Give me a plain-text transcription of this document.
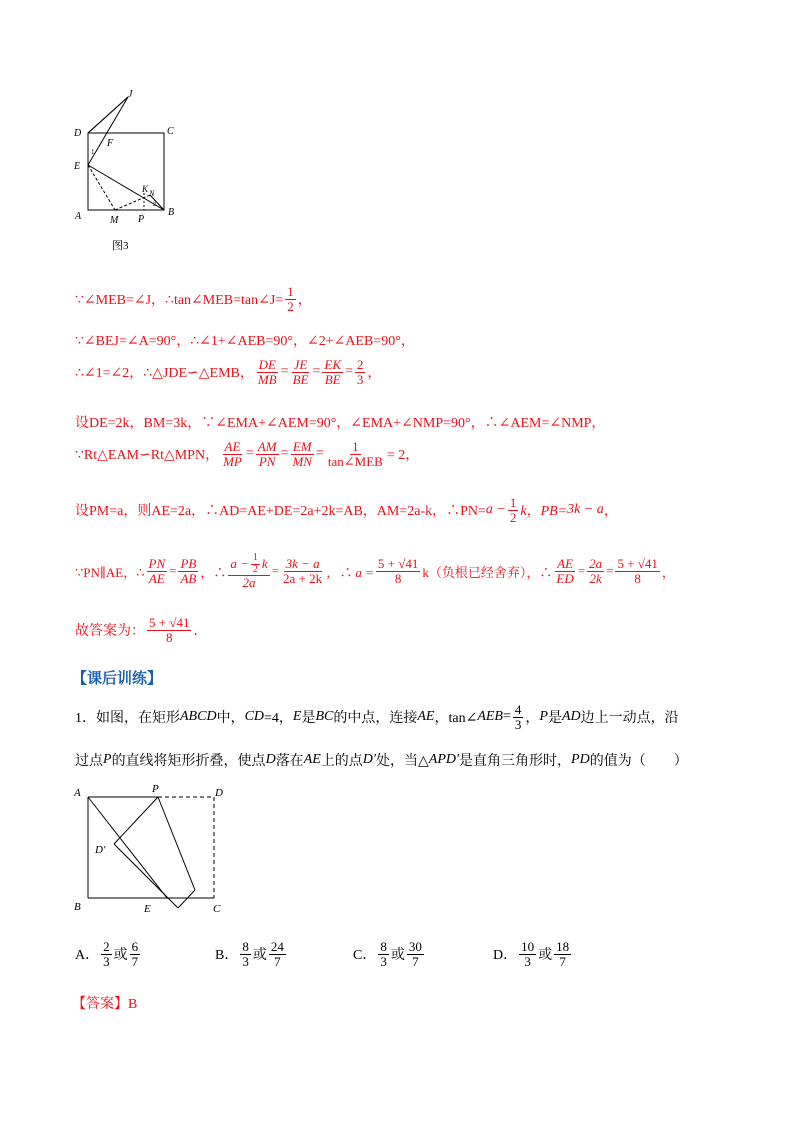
J
D	C
F
1
E
K N
2
A	M P
B
图3
∵∠MEB=∠J，∴tan∠MEB=tan∠J= $\frac{1}{2}$ ，
∵∠BEJ=∠A=90°，∴∠1+∠AEB=90°，∠2+∠AEB=90°，
∴∠1=∠2，∴△JDE∽△EMB， $\frac{DE}{MB} = \frac{JE}{BE} = \frac{EK}{BE} = \frac{2}{3}$ ，
设DE=2k，BM=3k，∵∠EMA+∠AEM=90°，∠EMA+∠NMP=90°，∴∠AEM=∠NMP，
∵Rt△EAM∽Rt△MPN， $\frac{AE}{MP} = \frac{AM}{PN} = \frac{EM}{MN} = \frac{1}{\text{tan∠MEB}} = 2$，
设PM=a，则AE=2a，∴AD=AE+DE=2a+2k=AB，AM=2a-k，∴PN= $a - \frac{1}{2}$ k，PB= 3k − a ，
∵PN∥AE，∴ $\frac{PN}{AE} = \frac{PB}{AB}$ ，∴ $\frac{a - \frac{1}{2} k}{2a} = \frac{3k - a}{2a + 2k}$ ，∴ $a = \frac{5 + √41}{8} k$（负根已经舍弃），∴ $\frac{AE}{ED} = \frac{2a}{2k} = \frac{5 + √41}{8}$ ，
故答案为： $\frac{5 + √41}{8}$ ．
【课后训练】
1．如图，在矩形 ABCD 中， CD =4， E 是 BC 的中点，连接 AE ，tan∠ AEB = $\frac{4}{3}$ ， P 是 AD 边上一动点，沿
过点 P 的直线将矩形折叠，使点 D 落在 AE 上的点 D′ 处，当△ APD′ 是直角三角形时， PD 的值为（　　）
A	P	D
D′
B	E	C
A． $\frac{2}{3}$ 或 $\frac{6}{7}$	B． $\frac{8}{3}$ 或 $\frac{24}{7}$	C． $\frac{8}{3}$ 或 $\frac{30}{7}$	D． $\frac{10}{3}$ 或 $\frac{18}{7}$
【答案】B
